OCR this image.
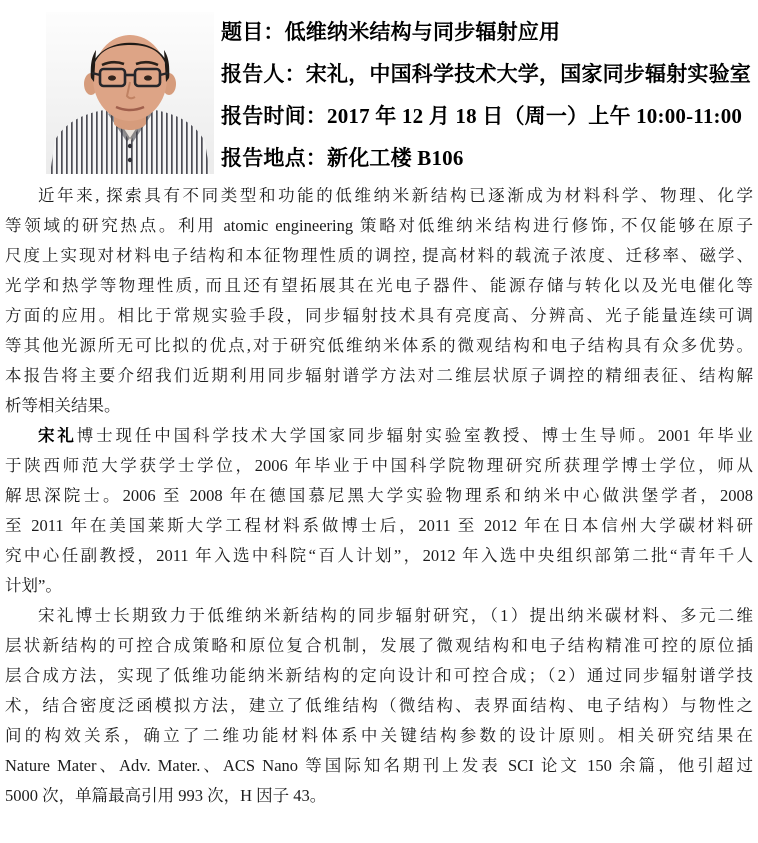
题目：低维纳米结构与同步辐射应用
报告人：宋礼，中国科学技术大学，国家同步辐射实验室
报告时间：2017 年 12 月 18 日（周一）上午 10:00-11:00
报告地点：新化工楼 B106
近年来, 探索具有不同类型和功能的低维纳米新结构已逐渐成为材料科学、物理、化学
等领域的研究热点。利用 atomic engineering 策略对低维纳米结构进行修饰, 不仅能够在原子
尺度上实现对材料电子结构和本征物理性质的调控, 提高材料的载流子浓度、迁移率、磁学、
光学和热学等物理性质, 而且还有望拓展其在光电子器件、能源存储与转化以及光电催化等
方面的应用。相比于常规实验手段，同步辐射技术具有亮度高、分辨高、光子能量连续可调
等其他光源所无可比拟的优点,对于研究低维纳米体系的微观结构和电子结构具有众多优势。
本报告将主要介绍我们近期利用同步辐射谱学方法对二维层状原子调控的精细表征、结构解
析等相关结果。
宋礼博士现任中国科学技术大学国家同步辐射实验室教授、博士生导师。2001 年毕业
于陕西师范大学获学士学位，2006 年毕业于中国科学院物理研究所获理学博士学位，师从
解思深院士。2006 至 2008 年在德国慕尼黑大学实验物理系和纳米中心做洪堡学者，2008
至 2011 年在美国莱斯大学工程材料系做博士后，2011 至 2012 年在日本信州大学碳材料研
究中心任副教授，2011 年入选中科院“百人计划”，2012 年入选中央组织部第二批“青年千人
计划”。
宋礼博士长期致力于低维纳米新结构的同步辐射研究，（1）提出纳米碳材料、多元二维
层状新结构的可控合成策略和原位复合机制，发展了微观结构和电子结构精准可控的原位插
层合成方法，实现了低维功能纳米新结构的定向设计和可控合成；（2）通过同步辐射谱学技
术，结合密度泛函模拟方法，建立了低维结构（微结构、表界面结构、电子结构）与物性之
间的构效关系，确立了二维功能材料体系中关键结构参数的设计原则。相关研究结果在
Nature Mater、Adv. Mater.、ACS Nano 等国际知名期刊上发表 SCI 论文 150 余篇，他引超过
5000 次，单篇最高引用 993 次，H 因子 43。
